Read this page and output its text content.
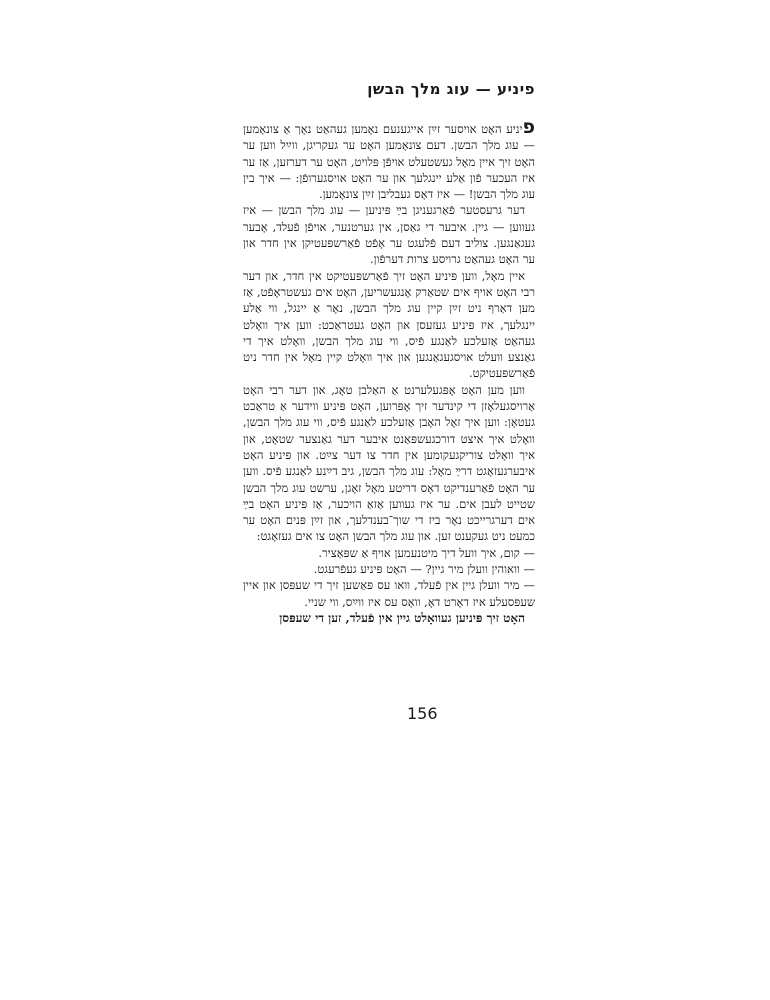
פיניע — עוג מלך הבשן

פיניע האָט אויסער זײַן אייגענעם נאָמען געהאַט נאָך אַ צונאָמען — עוג מלך הבשן. דעם צונאָמען האָט ער געקריגן, ווײַל ווען ער האָט זיך איין מאָל געשטעלט אויפֿן פּלויט, האָט ער דערזען, אַז ער איז העכער פֿון אַלע יינגלעך און ער האָט אויסגערופֿן: — איך בין עוג מלך הבשן! — איז דאָס געבליבן זײַן צונאָמען.

דער גרעסטער פֿאַרגעניגן בײַ פּיניען — עוג מלך הבשן — איז געווען — גיין. איבער די גאַסן, אין גערטנער, אויפֿן פֿעלד, אָבער געגאַנגען. צוליב דעם פֿלעגט ער אָפֿט פֿאַרשפּעטיקן אין חדר און ער האָט געהאַט גרויסע צרות דערפֿון.

איין מאָל, ווען פּיניע האָט זיך פֿאַרשפּעטיקט אין חדר, און דער רבי האָט אויף אים שטאַרק אָנגעשריען, האָט אים געשטראָפֿט, אַז מען דאַרף ניט זײַן קיין עוג מלך הבשן, נאָר אַ יינגל, ווי אַלע יינגלעך, איז פּיניע געזעסן און האָט געטראַכט: ווען איך וואָלט געהאַט אַזעלכע לאַנגע פֿיס, ווי עוג מלך הבשן, וואָלט איך די גאַנצע וועלט אויסגעגאַנגען און איך וואָלט קיין מאָל אין חדר ניט פֿאַרשפּעטיקט.

ווען מען האָט אָפּגעלערנט אַ האַלבן טאָג, און דער רבי האָט אַרויסגעלאָזן די קינדער זיך אָפּרוען, האָט פּיניע ווידער אַ טראַכט געטאָן: ווען איך זאָל האָבן אַזעלכע לאַנגע פֿיס, ווי עוג מלך הבשן, וואָלט איך איצט דורכגעשפּאַנט איבער דער גאַנצער שטאָט, און איך וואָלט צוריקגעקומען אין חדר צו דער צײַט. און פּיניע האָט איבערגעזאָגט דרײַ מאָל: עוג מלך הבשן, גיב דײַנע לאַנגע פֿיס. ווען ער האָט פֿאַרענדיקט דאָס דריטע מאָל זאָגן, ערשט עוג מלך הבשן שטייט לעבן אים. ער איז געווען אַזאַ הויכער, אַז פּיניע האָט בײַ אים דערגרייכט נאָר ביז די שוך־בענדלעך, און זײַן פּנים האָט ער כמעט ניט געקענט זען. און עוג מלך הבשן האָט צו אים געזאָגט:

— קום, איך וועל דיך מיטנעמען אויף אַ שפּאַציר.

— וואוהין וועלן מיר גיין? — האָט פּיניע געפֿרעגט.

— מיר וועלן גיין אין פֿעלד, וואו עס פּאַשען זיך די שעפּסן און איין שעפּסעלע איז דאָרט דאָ, וואָס עס איז ווײַס, ווי שניי.

האָט זיך פּיניען געוואָלט גיין אין פֿעלד, זען די שעפּסן

156
